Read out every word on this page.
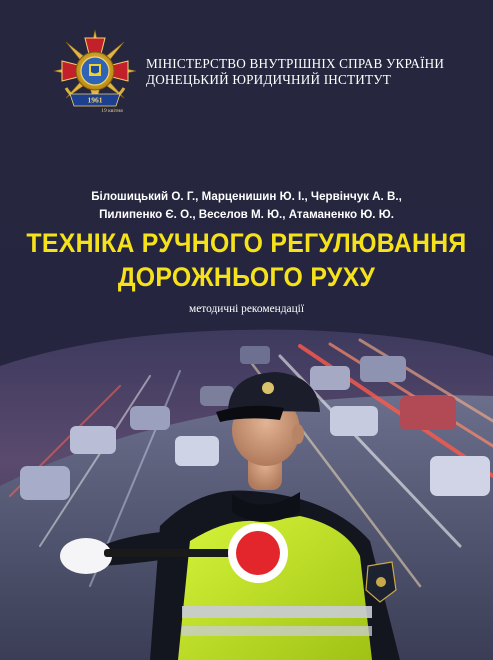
1961
19 квітня
МІНІСТЕРСТВО ВНУТРІШНІХ СПРАВ УКРАЇНИ
ДОНЕЦЬКИЙ ЮРИДИЧНИЙ ІНСТИТУТ
Білошицький О. Г., Марценишин Ю. І., Червінчук А. В.,
Пилипенко Є. О., Веселов М. Ю., Атаманенко Ю. Ю.
ТЕХНІКА РУЧНОГО РЕГУЛЮВАННЯ
ДОРОЖНЬОГО РУХУ
методичні рекомендації
